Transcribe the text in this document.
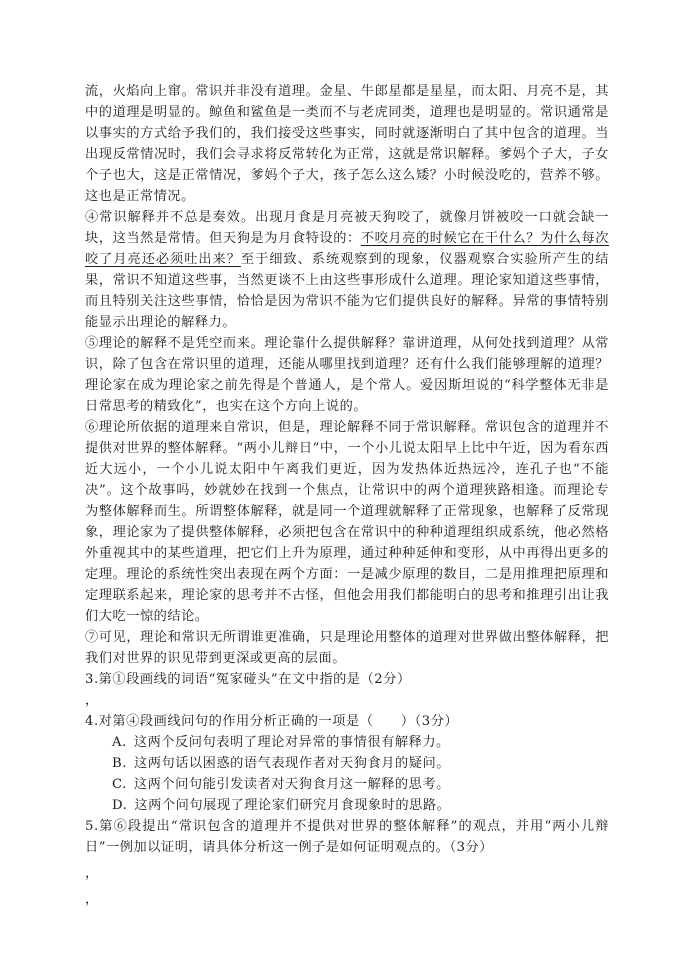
流，火焰向上窜。常识并非没有道理。金星、牛郎星都是星星，而太阳、月亮不是，其中的道理是明显的。鲸鱼和鲨鱼是一类而不与老虎同类，道理也是明显的。常识通常是以事实的方式给予我们的，我们接受这些事实，同时就逐渐明白了其中包含的道理。当出现反常情况时，我们会寻求将反常转化为正常，这就是常识解释。爹妈个子大，子女个子也大，这是正常情况，爹妈个子大，孩子怎么这么矮？小时候没吃的，营养不够。这也是正常情况。

④常识解释并不总是奏效。出现月食是月亮被天狗咬了，就像月饼被咬一口就会缺一块，这当然是常情。但天狗是为月食特设的：不咬月亮的时候它在干什么？为什么每次咬了月亮还必须吐出来？至于细致、系统观察到的现象，仪器观察合实验所产生的结果，常识不知道这些事，当然更谈不上由这些事形成什么道理。理论家知道这些事情，而且特别关注这些事情，恰恰是因为常识不能为它们提供良好的解释。异常的事情特别能显示出理论的解释力。

⑤理论的解释不是凭空而来。理论靠什么提供解释？靠讲道理，从何处找到道理？从常识，除了包含在常识里的道理，还能从哪里找到道理？还有什么我们能够理解的道理？理论家在成为理论家之前先得是个普通人，是个常人。爱因斯坦说的“科学整体无非是日常思考的精致化”，也实在这个方向上说的。

⑥理论所依据的道理来自常识，但是，理论解释不同于常识解释。常识包含的道理并不提供对世界的整体解释。“两小儿辩日”中，一个小儿说太阳早上比中午近，因为看东西近大远小，一个小儿说太阳中午离我们更近，因为发热体近热远冷，连孔子也“不能决”。这个故事吗，妙就妙在找到一个焦点，让常识中的两个道理狭路相逢。而理论专为整体解释而生。所谓整体解释，就是同一个道理就解释了正常现象，也解释了反常现象，理论家为了提供整体解释，必须把包含在常识中的种种道理组织成系统，他必然格外重视其中的某些道理，把它们上升为原理，通过种种延伸和变形，从中再得出更多的定理。理论的系统性突出表现在两个方面：一是减少原理的数目，二是用推理把原理和定理联系起来，理论家的思考并不古怪，但他会用我们都能明白的思考和推理引出让我们大吃一惊的结论。

⑦可见，理论和常识无所谓谁更准确，只是理论用整体的道理对世界做出整体解释，把我们对世界的识见带到更深或更高的层面。

3.第①段画线的词语“冤家碰头”在文中指的是（2分）

，

4.对第④段画线问句的作用分析正确的一项是（　　）（3分）

A. 这两个反问句表明了理论对异常的事情很有解释力。

B. 这两句话以困惑的语气表现作者对天狗食月的疑问。

C. 这两个问句能引发读者对天狗食月这一解释的思考。

D. 这两个问句展现了理论家们研究月食现象时的思路。

5.第⑥段提出“常识包含的道理并不提供对世界的整体解释”的观点，并用“两小儿辩日”一例加以证明，请具体分析这一例子是如何证明观点的。（3分）

，

，
